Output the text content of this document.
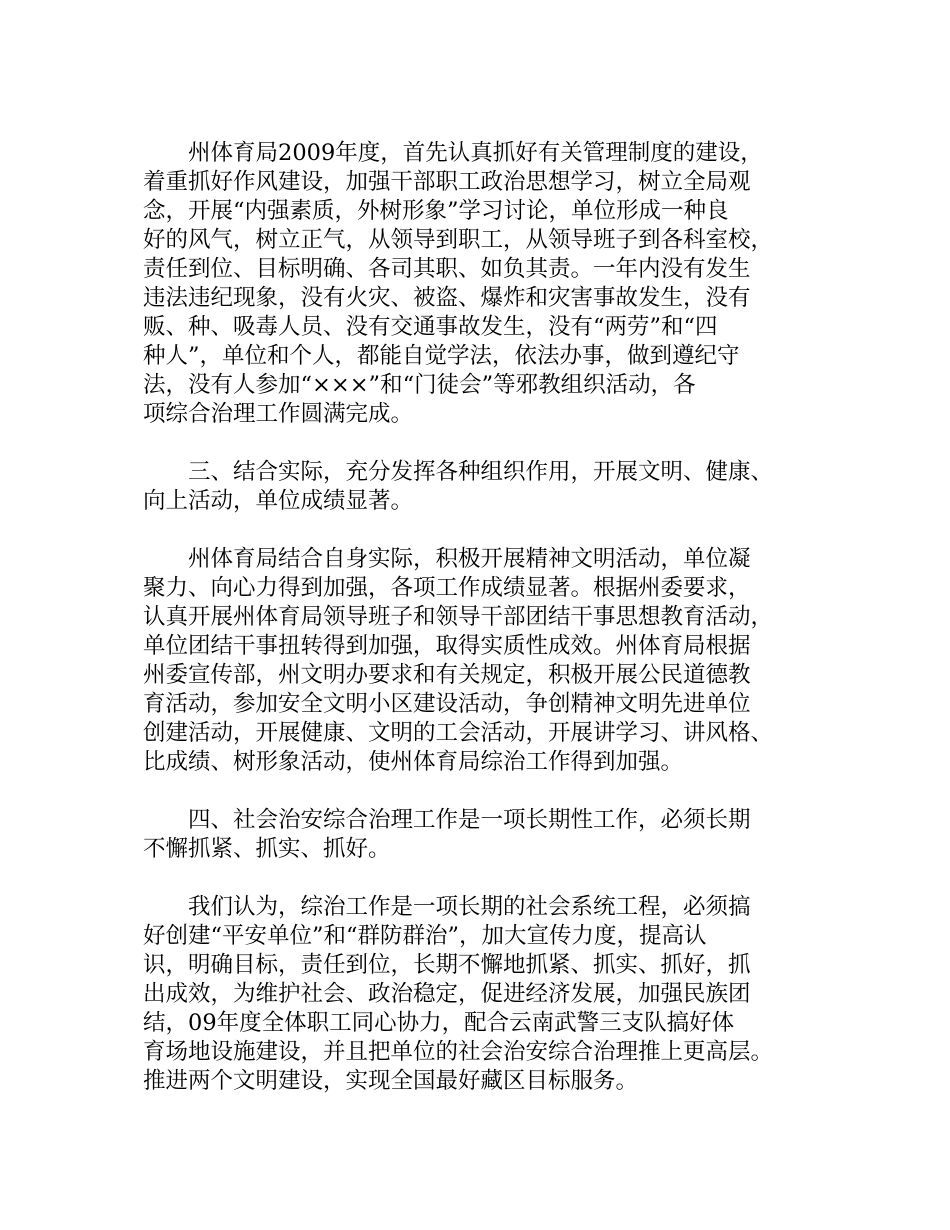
州体育局2009年度，首先认真抓好有关管理制度的建设，
着重抓好作风建设，加强干部职工政治思想学习，树立全局观
念，开展“内强素质，外树形象”学习讨论，单位形成一种良
好的风气，树立正气，从领导到职工，从领导班子到各科室校，
责任到位、目标明确、各司其职、如负其责。一年内没有发生
违法违纪现象，没有火灾、被盗、爆炸和灾害事故发生，没有
贩、种、吸毒人员、没有交通事故发生，没有“两劳”和“四
种人”，单位和个人，都能自觉学法，依法办事，做到遵纪守
法，没有人参加“×××”和“门徒会”等邪教组织活动，各
项综合治理工作圆满完成。

三、结合实际，充分发挥各种组织作用，开展文明、健康、
向上活动，单位成绩显著。

州体育局结合自身实际，积极开展精神文明活动，单位凝
聚力、向心力得到加强，各项工作成绩显著。根据州委要求，
认真开展州体育局领导班子和领导干部团结干事思想教育活动，
单位团结干事扭转得到加强，取得实质性成效。州体育局根据
州委宣传部，州文明办要求和有关规定，积极开展公民道德教
育活动，参加安全文明小区建设活动，争创精神文明先进单位
创建活动，开展健康、文明的工会活动，开展讲学习、讲风格、
比成绩、树形象活动，使州体育局综治工作得到加强。

四、社会治安综合治理工作是一项长期性工作，必须长期
不懈抓紧、抓实、抓好。

我们认为，综治工作是一项长期的社会系统工程，必须搞
好创建“平安单位”和“群防群治”，加大宣传力度，提高认
识，明确目标，责任到位，长期不懈地抓紧、抓实、抓好，抓
出成效，为维护社会、政治稳定，促进经济发展，加强民族团
结，09年度全体职工同心协力，配合云南武警三支队搞好体
育场地设施建设，并且把单位的社会治安综合治理推上更高层。
推进两个文明建设，实现全国最好藏区目标服务。
